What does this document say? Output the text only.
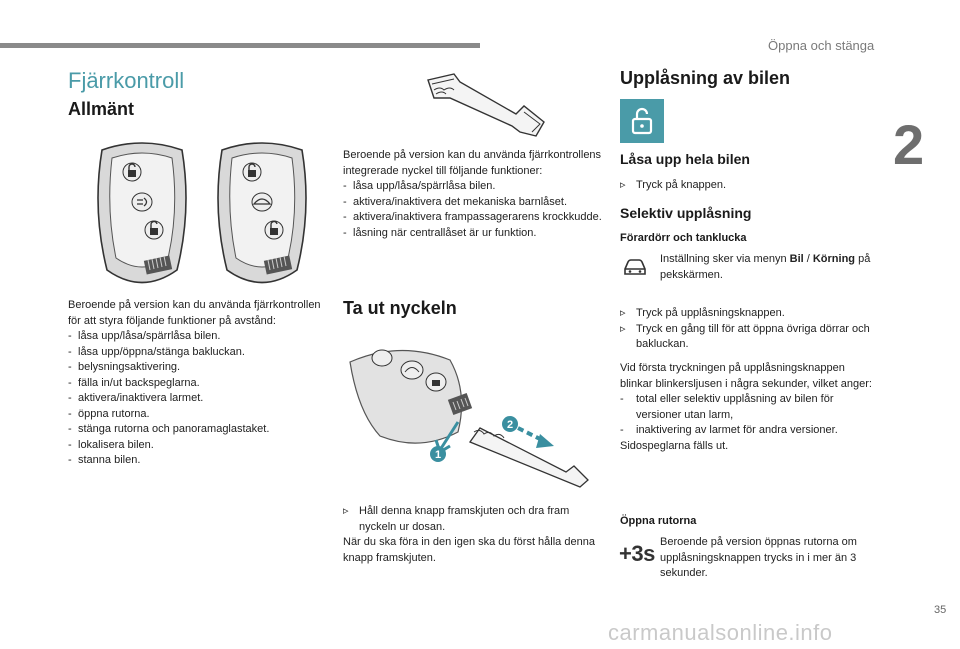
Öppna och stänga
2
35
carmanualsonline.info
Fjärrkontroll
Allmänt
Beroende på version kan du använda fjärrkontrollen för att styra följande funktioner på avstånd:
- låsa upp/låsa/spärrlåsa bilen.
- låsa upp/öppna/stänga bakluckan.
- belysningsaktivering.
- fälla in/ut backspeglarna.
- aktivera/inaktivera larmet.
- öppna rutorna.
- stänga rutorna och panoramaglastaket.
- lokalisera bilen.
- stanna bilen.
Beroende på version kan du använda fjärrkontrollens integrerade nyckel till följande funktioner:
- låsa upp/låsa/spärrlåsa bilen.
- aktivera/inaktivera det mekaniska barnlåset.
- aktivera/inaktivera frampassagerarens krockkudde.
- låsning när centrallåset är ur funktion.
Ta ut nyckeln
1
2
▹ Håll denna knapp framskjuten och dra fram nyckeln ur dosan.
När du ska föra in den igen ska du först hålla denna knapp framskjuten.
Upplåsning av bilen
Låsa upp hela bilen
▹ Tryck på knappen.
Selektiv upplåsning
Förardörr och tanklucka
Inställning sker via menyn Bil / Körning på pekskärmen.
▹ Tryck på upplåsningsknappen.
▹ Tryck en gång till för att öppna övriga dörrar och bakluckan.
Vid första tryckningen på upplåsningsknappen blinkar blinkersljusen i några sekunder, vilket anger:
- total eller selektiv upplåsning av bilen för versioner utan larm,
- inaktivering av larmet för andra versioner.
Sidospeglarna fälls ut.
Öppna rutorna
+3s Beroende på version öppnas rutorna om upplåsningsknappen trycks in i mer än 3 sekunder.
